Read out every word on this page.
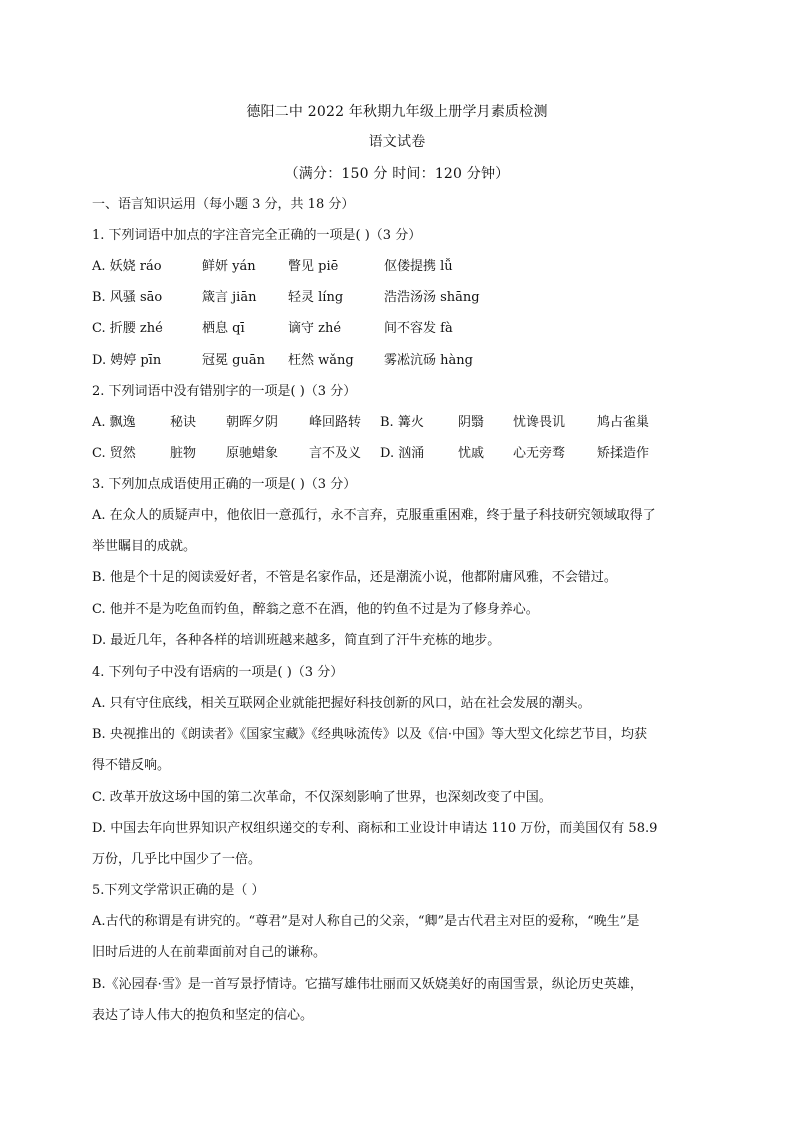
德阳二中 2022 年秋期九年级上册学月素质检测
语文试卷
（满分：150 分 时间：120 分钟）
一、语言知识运用（每小题 3 分，共 18 分）
1. 下列词语中加点的字注音完全正确的一项是( )（3 分）
A. 妖娆 ráo	鲜妍 yán 瞥见 piē	伛偻提携 lǚ
B. 风骚 sāo	箴言 jiān 轻灵 líng	浩浩汤汤 shāng
C. 折腰 zhé	栖息 qī	谪守 zhé	间不容发 fà
D. 娉婷 pīn	冠冕 guān 枉然 wǎng 雾凇沆砀 hàng
2. 下列词语中没有错别字的一项是( )（3 分）
A. 飘逸	秘诀 朝晖夕阴 峰回路转 B. 篝火	阴翳 忧谗畏讥 鸠占雀巢
C. 贸然	脏物 原驰蜡象 言不及义 D. 汹涌	忧戚 心无旁骛 矫揉造作
3. 下列加点成语使用正确的一项是( )（3 分）
A. 在众人的质疑声中，他依旧一意孤行，永不言弃，克服重重困难，终于量子科技研究领域取得了
举世瞩目的成就。
B. 他是个十足的阅读爱好者，不管是名家作品，还是潮流小说，他都附庸风雅，不会错过。
C. 他并不是为吃鱼而钓鱼，醉翁之意不在酒，他的钓鱼不过是为了修身养心。
D. 最近几年，各种各样的培训班越来越多，简直到了汗牛充栋的地步。
4. 下列句子中没有语病的一项是( )（3 分）
A. 只有守住底线，相关互联网企业就能把握好科技创新的风口，站在社会发展的潮头。
B. 央视推出的《朗读者》《国家宝藏》《经典咏流传》以及《信·中国》等大型文化综艺节目，均获
得不错反响。
C. 改革开放这场中国的第二次革命，不仅深刻影响了世界，也深刻改变了中国。
D. 中国去年向世界知识产权组织递交的专利、商标和工业设计申请达 110 万份，而美国仅有 58.9
万份，几乎比中国少了一倍。
5.下列文学常识正确的是（ ）
A.古代的称谓是有讲究的。“尊君”是对人称自己的父亲，“卿”是古代君主对臣的爱称，“晚生”是
旧时后进的人在前辈面前对自己的谦称。
B.《沁园春·雪》是一首写景抒情诗。它描写雄伟壮丽而又妖娆美好的南国雪景，纵论历史英雄，
表达了诗人伟大的抱负和坚定的信心。
